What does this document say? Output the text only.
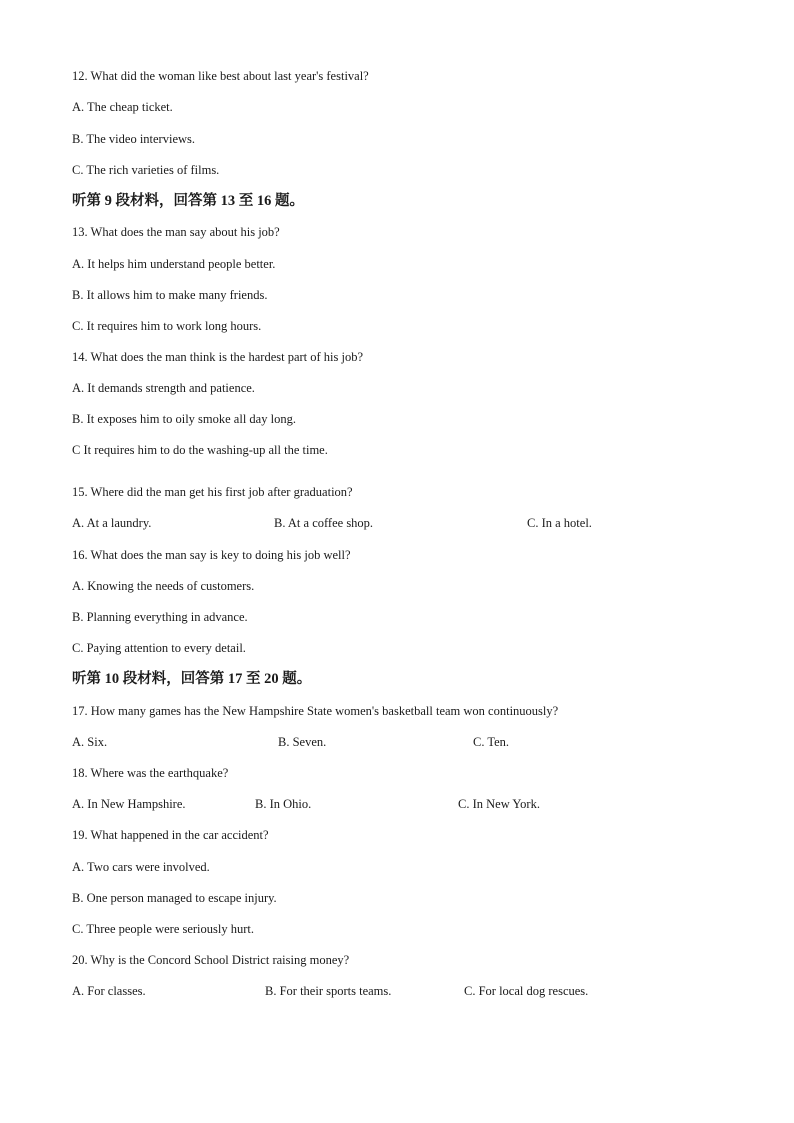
12. What did the woman like best about last year's festival?
A. The cheap ticket.
B. The video interviews.
C. The rich varieties of films.
听第 9 段材料，回答第 13 至 16 题。
13. What does the man say about his job?
A. It helps him understand people better.
B. It allows him to make many friends.
C. It requires him to work long hours.
14. What does the man think is the hardest part of his job?
A. It demands strength and patience.
B. It exposes him to oily smoke all day long.
C It requires him to do the washing-up all the time.
15. Where did the man get his first job after graduation?
A. At a laundry.	B. At a coffee shop.	C. In a hotel.
16. What does the man say is key to doing his job well?
A. Knowing the needs of customers.
B. Planning everything in advance.
C. Paying attention to every detail.
听第 10 段材料，回答第 17 至 20 题。
17. How many games has the New Hampshire State women's basketball team won continuously?
A. Six.	B. Seven.	C. Ten.
18. Where was the earthquake?
A. In New Hampshire.	B. In Ohio.	C. In New York.
19. What happened in the car accident?
A. Two cars were involved.
B. One person managed to escape injury.
C. Three people were seriously hurt.
20. Why is the Concord School District raising money?
A. For classes.	B. For their sports teams.	C. For local dog rescues.
